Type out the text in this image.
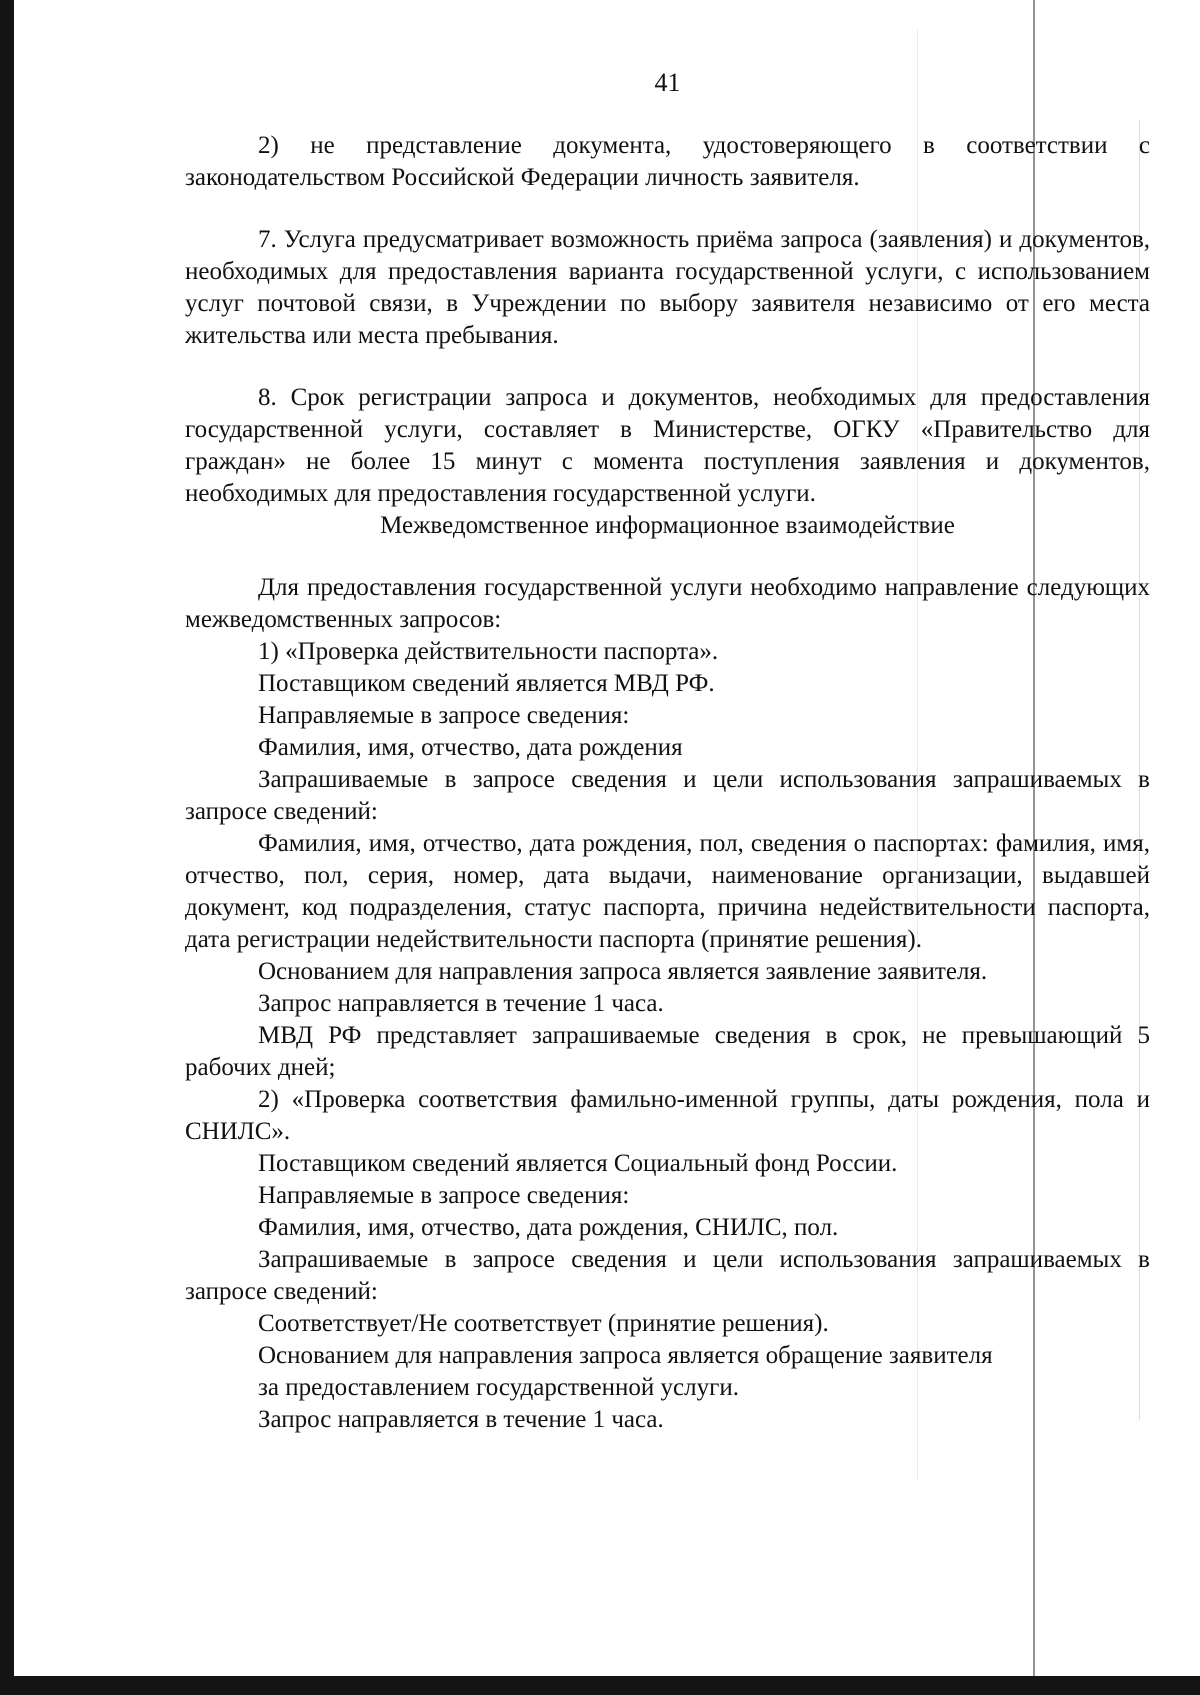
41

2) не представление документа, удостоверяющего в соответствии с законодательством Российской Федерации личность заявителя.

7. Услуга предусматривает возможность приёма запроса (заявления) и документов, необходимых для предоставления варианта государственной услуги, с использованием услуг почтовой связи, в Учреждении по выбору заявителя независимо от его места жительства или места пребывания.

8. Срок регистрации запроса и документов, необходимых для предоставления государственной услуги, составляет в Министерстве, ОГКУ «Правительство для граждан» не более 15 минут с момента поступления заявления и документов, необходимых для предоставления государственной услуги.

Межведомственное информационное взаимодействие

Для предоставления государственной услуги необходимо направление следующих межведомственных запросов:

1) «Проверка действительности паспорта».

Поставщиком сведений является МВД РФ.

Направляемые в запросе сведения:

Фамилия, имя, отчество, дата рождения

Запрашиваемые в запросе сведения и цели использования запрашиваемых в запросе сведений:

Фамилия, имя, отчество, дата рождения, пол, сведения о паспортах: фамилия, имя, отчество, пол, серия, номер, дата выдачи, наименование организации, выдавшей документ, код подразделения, статус паспорта, причина недействительности паспорта, дата регистрации недействительности паспорта (принятие решения).

Основанием для направления запроса является заявление заявителя.

Запрос направляется в течение 1 часа.

МВД РФ представляет запрашиваемые сведения в срок, не превышающий 5 рабочих дней;

2) «Проверка соответствия фамильно-именной группы, даты рождения, пола и СНИЛС».

Поставщиком сведений является Социальный фонд России.

Направляемые в запросе сведения:

Фамилия, имя, отчество, дата рождения, СНИЛС, пол.

Запрашиваемые в запросе сведения и цели использования запрашиваемых в запросе сведений:

Соответствует/Не соответствует (принятие решения).

Основанием для направления запроса является обращение заявителя

за предоставлением государственной услуги.

Запрос направляется в течение 1 часа.
